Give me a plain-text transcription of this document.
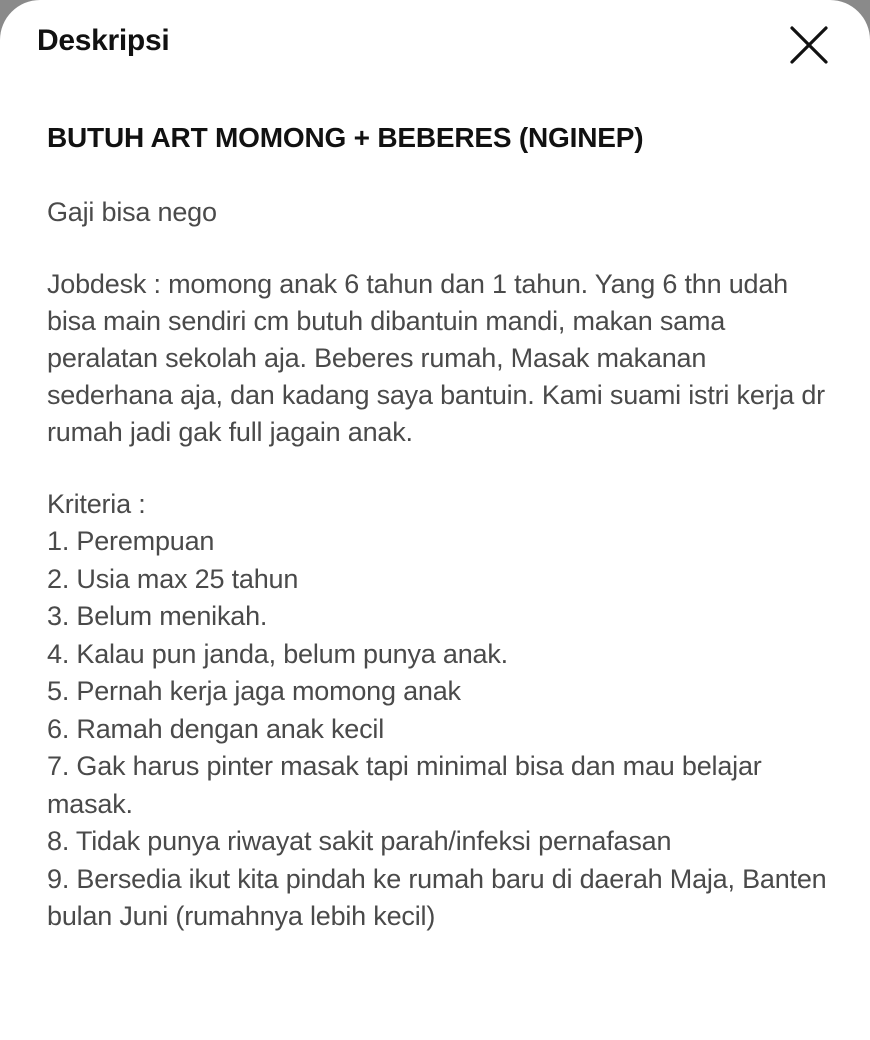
Deskripsi

BUTUH ART MOMONG + BEBERES (NGINEP)

Gaji bisa nego

Jobdesk : momong anak 6 tahun dan 1 tahun. Yang 6 thn udah bisa main sendiri cm butuh dibantuin mandi, makan sama peralatan sekolah aja. Beberes rumah, Masak makanan sederhana aja, dan kadang saya bantuin. Kami suami istri kerja dr rumah jadi gak full jagain anak.

Kriteria :

1. Perempuan
2. Usia max 25 tahun
3. Belum menikah.
4. Kalau pun janda, belum punya anak.
5. Pernah kerja jaga momong anak
6. Ramah dengan anak kecil
7. Gak harus pinter masak tapi minimal bisa dan mau belajar masak.
8. Tidak punya riwayat sakit parah/infeksi pernafasan
9. Bersedia ikut kita pindah ke rumah baru di daerah Maja, Banten bulan Juni (rumahnya lebih kecil)
